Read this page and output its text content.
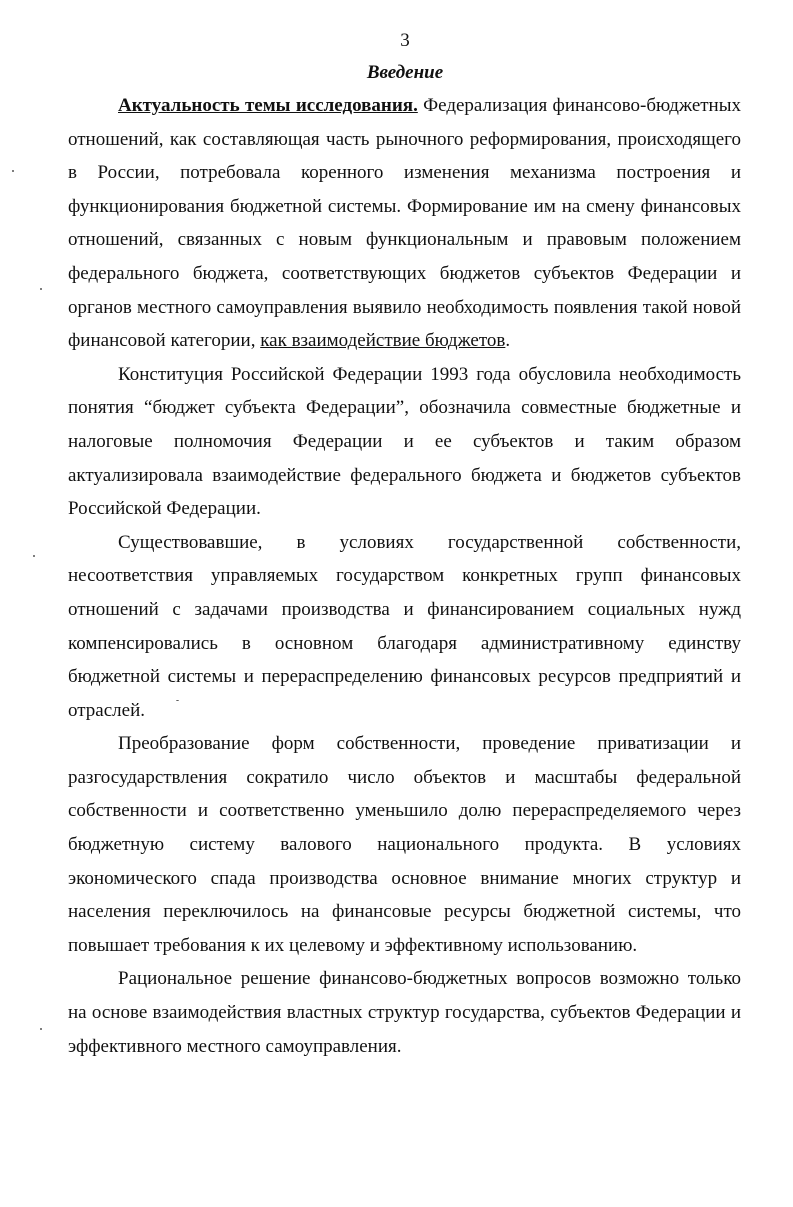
3
Введение

Актуальность темы исследования. Федерализация финансово-бюджетных отношений, как составляющая часть рыночного реформирования, происходящего в России, потребовала коренного изменения механизма построения и функционирования бюджетной системы. Формирование им на смену финансовых отношений, связанных с новым функциональным и правовым положением федерального бюджета, соответствующих бюджетов субъектов Федерации и органов местного самоуправления выявило необходимость появления такой новой финансовой категории, как взаимодействие бюджетов.

Конституция Российской Федерации 1993 года обусловила необходимость понятия “бюджет субъекта Федерации”, обозначила совместные бюджетные и налоговые полномочия Федерации и ее субъектов и таким образом актуализировала взаимодействие федерального бюджета и бюджетов субъектов Российской Федерации.

Существовавшие, в условиях государственной собственности, несоответствия управляемых государством конкретных групп финансовых отношений с задачами производства и финансированием социальных нужд компенсировались в основном благодаря административному единству бюджетной системы и перераспределению финансовых ресурсов предприятий и отраслей.

Преобразование форм собственности, проведение приватизации и разгосударствления сократило число объектов и масштабы федеральной собственности и соответственно уменьшило долю перераспределяемого через бюджетную систему валового национального продукта. В условиях экономического спада производства основное внимание многих структур и населения переключилось на финансовые ресурсы бюджетной системы, что повышает требования к их целевому и эффективному использованию.

Рациональное решение финансово-бюджетных вопросов возможно только на основе взаимодействия властных структур государства, субъектов Федерации и эффективного местного самоуправления.
